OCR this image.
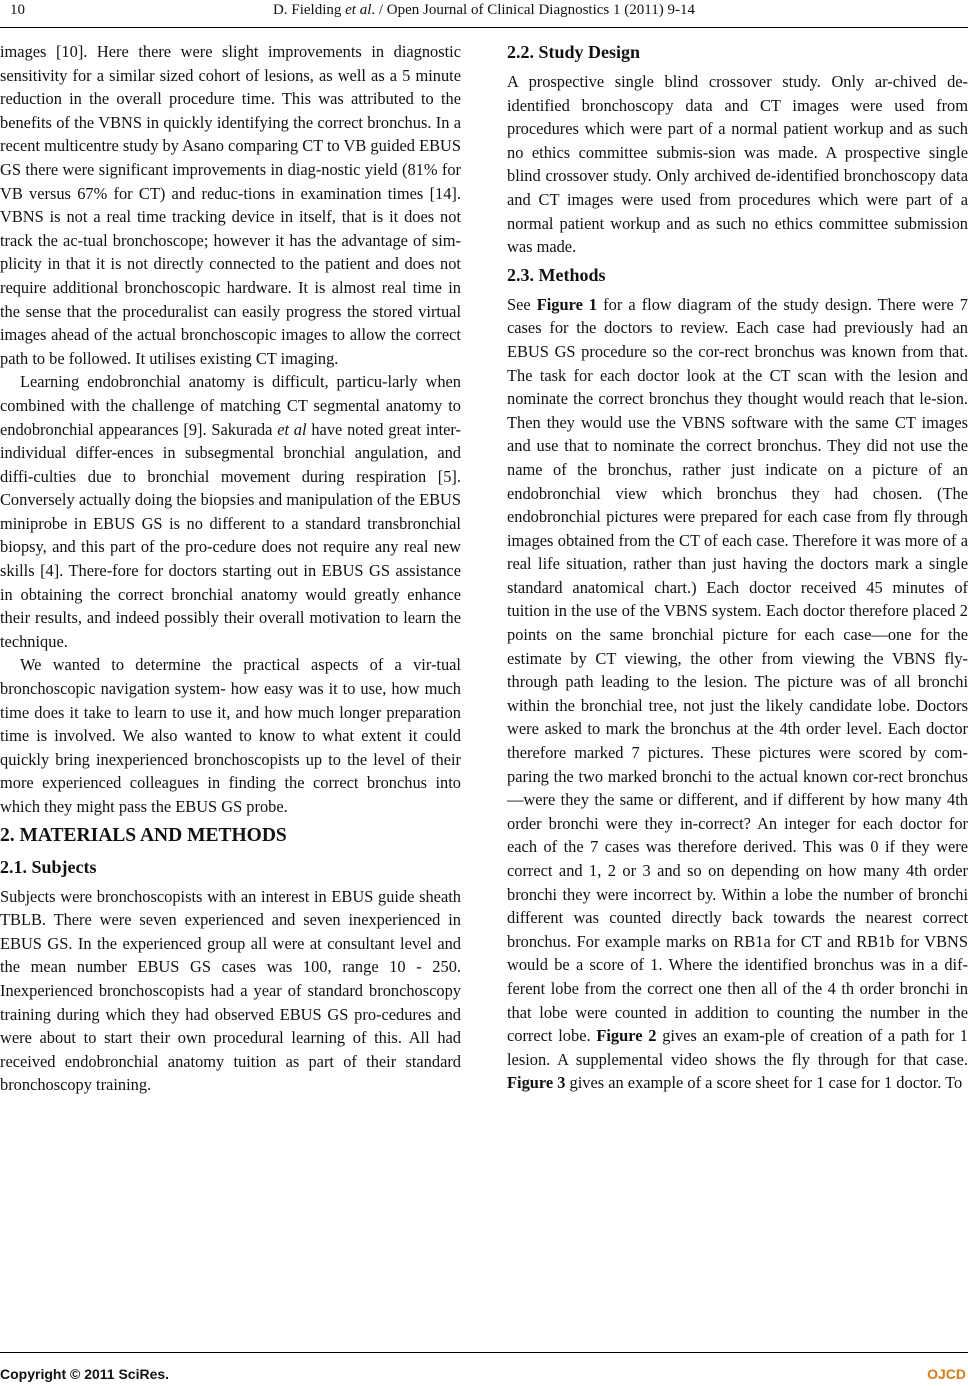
10	D. Fielding et al. / Open Journal of Clinical Diagnostics 1 (2011) 9-14

images [10]. Here there were slight improvements in diagnostic sensitivity for a similar sized cohort of lesions, as well as a 5 minute reduction in the overall procedure time. This was attributed to the benefits of the VBNS in quickly identifying the correct bronchus. In a recent multicentre study by Asano comparing CT to VB guided EBUS GS there were significant improvements in diag-nostic yield (81% for VB versus 67% for CT) and reduc-tions in examination times [14]. VBNS is not a real time tracking device in itself, that is it does not track the ac-tual bronchoscope; however it has the advantage of sim-plicity in that it is not directly connected to the patient and does not require additional bronchoscopic hardware. It is almost real time in the sense that the proceduralist can easily progress the stored virtual images ahead of the actual bronchoscopic images to allow the correct path to be followed. It utilises existing CT imaging.

Learning endobronchial anatomy is difficult, particu-larly when combined with the challenge of matching CT segmental anatomy to endobronchial appearances [9]. Sakurada et al have noted great inter-individual differ-ences in subsegmental bronchial angulation, and diffi-culties due to bronchial movement during respiration [5]. Conversely actually doing the biopsies and manipulation of the EBUS miniprobe in EBUS GS is no different to a standard transbronchial biopsy, and this part of the pro-cedure does not require any real new skills [4]. There-fore for doctors starting out in EBUS GS assistance in obtaining the correct bronchial anatomy would greatly enhance their results, and indeed possibly their overall motivation to learn the technique.

We wanted to determine the practical aspects of a vir-tual bronchoscopic navigation system- how easy was it to use, how much time does it take to learn to use it, and how much longer preparation time is involved. We also wanted to know to what extent it could quickly bring inexperienced bronchoscopists up to the level of their more experienced colleagues in finding the correct bronchus into which they might pass the EBUS GS probe.

2. MATERIALS AND METHODS
2.1. Subjects

Subjects were bronchoscopists with an interest in EBUS guide sheath TBLB. There were seven experienced and seven inexperienced in EBUS GS. In the experienced group all were at consultant level and the mean number EBUS GS cases was 100, range 10 - 250. Inexperienced bronchoscopists had a year of standard bronchoscopy training during which they had observed EBUS GS pro-cedures and were about to start their own procedural learning of this. All had received endobronchial anatomy tuition as part of their standard bronchoscopy training.

2.2. Study Design

A prospective single blind crossover study. Only ar-chived de-identified bronchoscopy data and CT images were used from procedures which were part of a normal patient workup and as such no ethics committee submis-sion was made. A prospective single blind crossover study. Only archived de-identified bronchoscopy data and CT images were used from procedures which were part of a normal patient workup and as such no ethics committee submission was made.

2.3. Methods

See Figure 1 for a flow diagram of the study design. There were 7 cases for the doctors to review. Each case had previously had an EBUS GS procedure so the cor-rect bronchus was known from that. The task for each doctor look at the CT scan with the lesion and nominate the correct bronchus they thought would reach that le-sion. Then they would use the VBNS software with the same CT images and use that to nominate the correct bronchus. They did not use the name of the bronchus, rather just indicate on a picture of an endobronchial view which bronchus they had chosen. (The endobronchial pictures were prepared for each case from fly through images obtained from the CT of each case. Therefore it was more of a real life situation, rather than just having the doctors mark a single standard anatomical chart.) Each doctor received 45 minutes of tuition in the use of the VBNS system. Each doctor therefore placed 2 points on the same bronchial picture for each case—one for the estimate by CT viewing, the other from viewing the VBNS fly-through path leading to the lesion. The picture was of all bronchi within the bronchial tree, not just the likely candidate lobe. Doctors were asked to mark the bronchus at the 4th order level. Each doctor therefore marked 7 pictures. These pictures were scored by com-paring the two marked bronchi to the actual known cor-rect bronchus—were they the same or different, and if different by how many 4th order bronchi were they in-correct? An integer for each doctor for each of the 7 cases was therefore derived. This was 0 if they were correct and 1, 2 or 3 and so on depending on how many 4th order bronchi they were incorrect by. Within a lobe the number of bronchi different was counted directly back towards the nearest correct bronchus. For example marks on RB1a for CT and RB1b for VBNS would be a score of 1. Where the identified bronchus was in a dif-ferent lobe from the correct one then all of the 4 th order bronchi in that lobe were counted in addition to counting the number in the correct lobe. Figure 2 gives an exam-ple of creation of a path for 1 lesion. A supplemental video shows the fly through for that case. Figure 3 gives an example of a score sheet for 1 case for 1 doctor. To

Copyright © 2011 SciRes.	OJCD
